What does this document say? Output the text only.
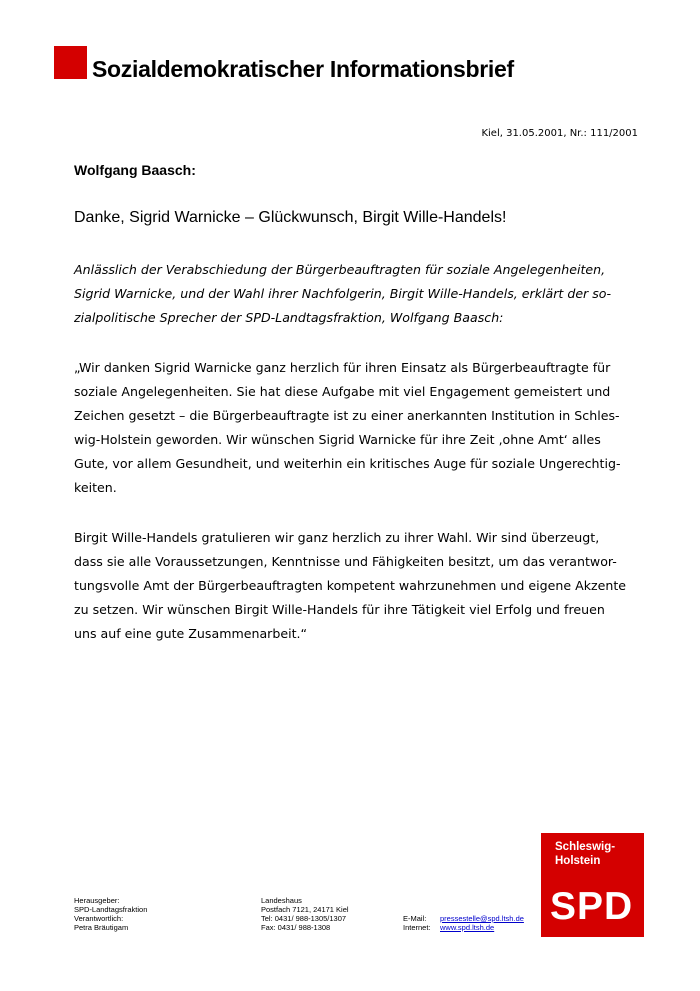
Sozialdemokratischer Informationsbrief
Kiel, 31.05.2001, Nr.: 111/2001
Wolfgang Baasch:
Danke, Sigrid Warnicke – Glückwunsch, Birgit Wille-Handels!

Anlässlich der Verabschiedung der Bürgerbeauftragten für soziale Angelegenheiten,
Sigrid Warnicke, und der Wahl ihrer Nachfolgerin, Birgit Wille-Handels, erklärt der so-
zialpolitische Sprecher der SPD-Landtagsfraktion, Wolfgang Baasch:

„Wir danken Sigrid Warnicke ganz herzlich für ihren Einsatz als Bürgerbeauftragte für
soziale Angelegenheiten. Sie hat diese Aufgabe mit viel Engagement gemeistert und
Zeichen gesetzt – die Bürgerbeauftragte ist zu einer anerkannten Institution in Schles-
wig-Holstein geworden. Wir wünschen Sigrid Warnicke für ihre Zeit ‚ohne Amt‘ alles
Gute, vor allem Gesundheit, und weiterhin ein kritisches Auge für soziale Ungerechtig-
keiten.

Birgit Wille-Handels gratulieren wir ganz herzlich zu ihrer Wahl. Wir sind überzeugt,
dass sie alle Voraussetzungen, Kenntnisse und Fähigkeiten besitzt, um das verantwor-
tungsvolle Amt der Bürgerbeauftragten kompetent wahrzunehmen und eigene Akzente
zu setzen. Wir wünschen Birgit Wille-Handels für ihre Tätigkeit viel Erfolg und freuen
uns auf eine gute Zusammenarbeit.“

Herausgeber:
SPD-Landtagsfraktion
Verantwortlich:
Petra Bräutigam
Landeshaus
Postfach 7121, 24171 Kiel
Tel: 0431/ 988-1305/1307
Fax: 0431/ 988-1308
E-Mail:	pressestelle@spd.ltsh.de
Internet:	www.spd.ltsh.de
Schleswig-
Holstein
SPD
